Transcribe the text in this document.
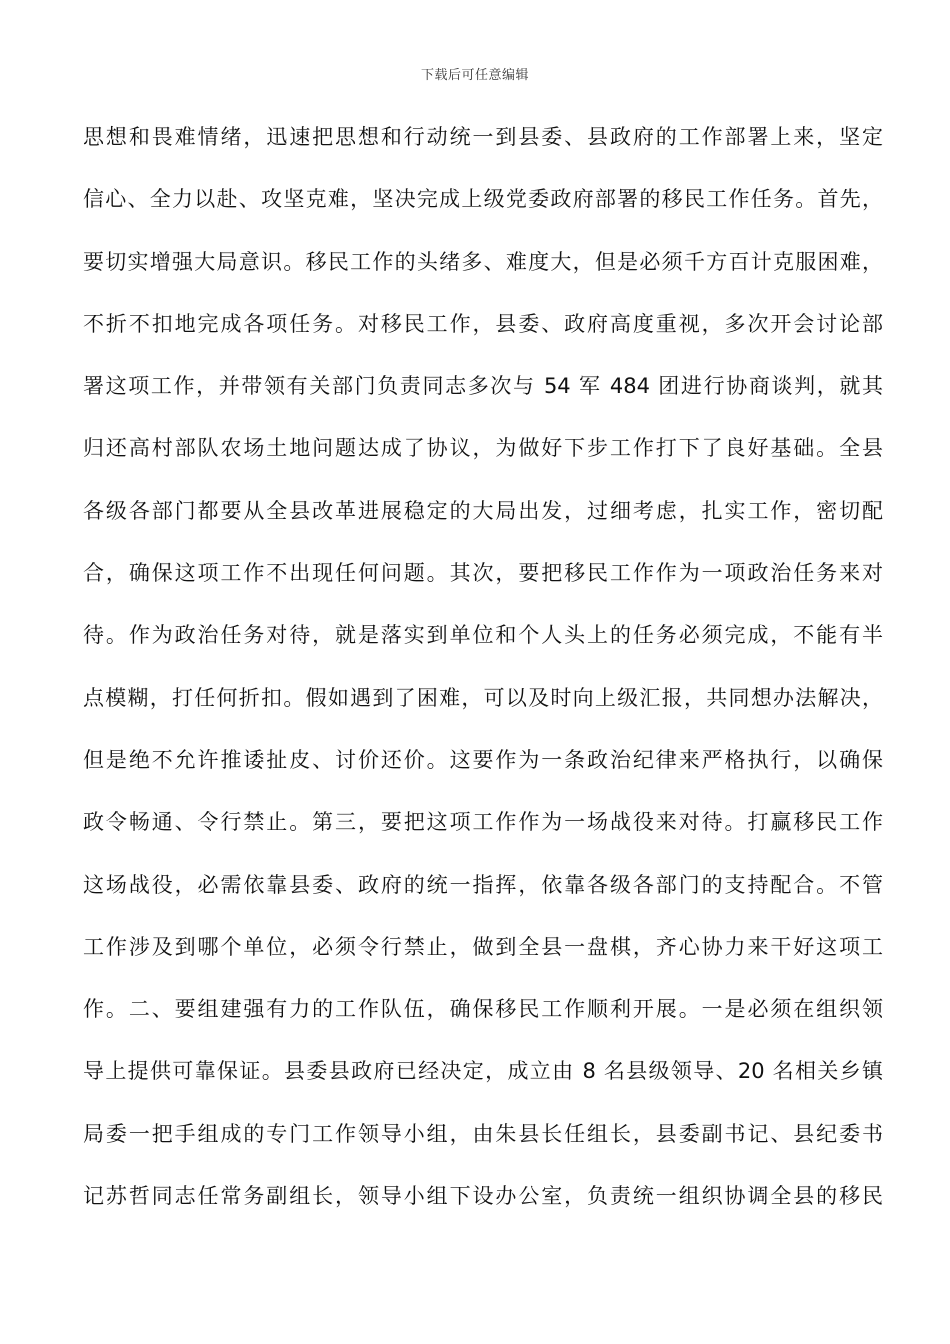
下载后可任意编辑
思想和畏难情绪，迅速把思想和行动统一到县委、县政府的工作部署上来，坚定
信心、全力以赴、攻坚克难，坚决完成上级党委政府部署的移民工作任务。首先，
要切实增强大局意识。移民工作的头绪多、难度大，但是必须千方百计克服困难，
不折不扣地完成各项任务。对移民工作，县委、政府高度重视，多次开会讨论部
署这项工作，并带领有关部门负责同志多次与 54 军 484 团进行协商谈判，就其
归还高村部队农场土地问题达成了协议，为做好下步工作打下了良好基础。全县
各级各部门都要从全县改革进展稳定的大局出发，过细考虑，扎实工作，密切配
合，确保这项工作不出现任何问题。其次，要把移民工作作为一项政治任务来对
待。作为政治任务对待，就是落实到单位和个人头上的任务必须完成，不能有半
点模糊，打任何折扣。假如遇到了困难，可以及时向上级汇报，共同想办法解决，
但是绝不允许推诿扯皮、讨价还价。这要作为一条政治纪律来严格执行，以确保
政令畅通、令行禁止。第三，要把这项工作作为一场战役来对待。打赢移民工作
这场战役，必需依靠县委、政府的统一指挥，依靠各级各部门的支持配合。不管
工作涉及到哪个单位，必须令行禁止，做到全县一盘棋，齐心协力来干好这项工
作。二、要组建强有力的工作队伍，确保移民工作顺利开展。一是必须在组织领
导上提供可靠保证。县委县政府已经决定，成立由 8 名县级领导、20 名相关乡镇
局委一把手组成的专门工作领导小组，由朱县长任组长，县委副书记、县纪委书
记苏哲同志任常务副组长，领导小组下设办公室，负责统一组织协调全县的移民
